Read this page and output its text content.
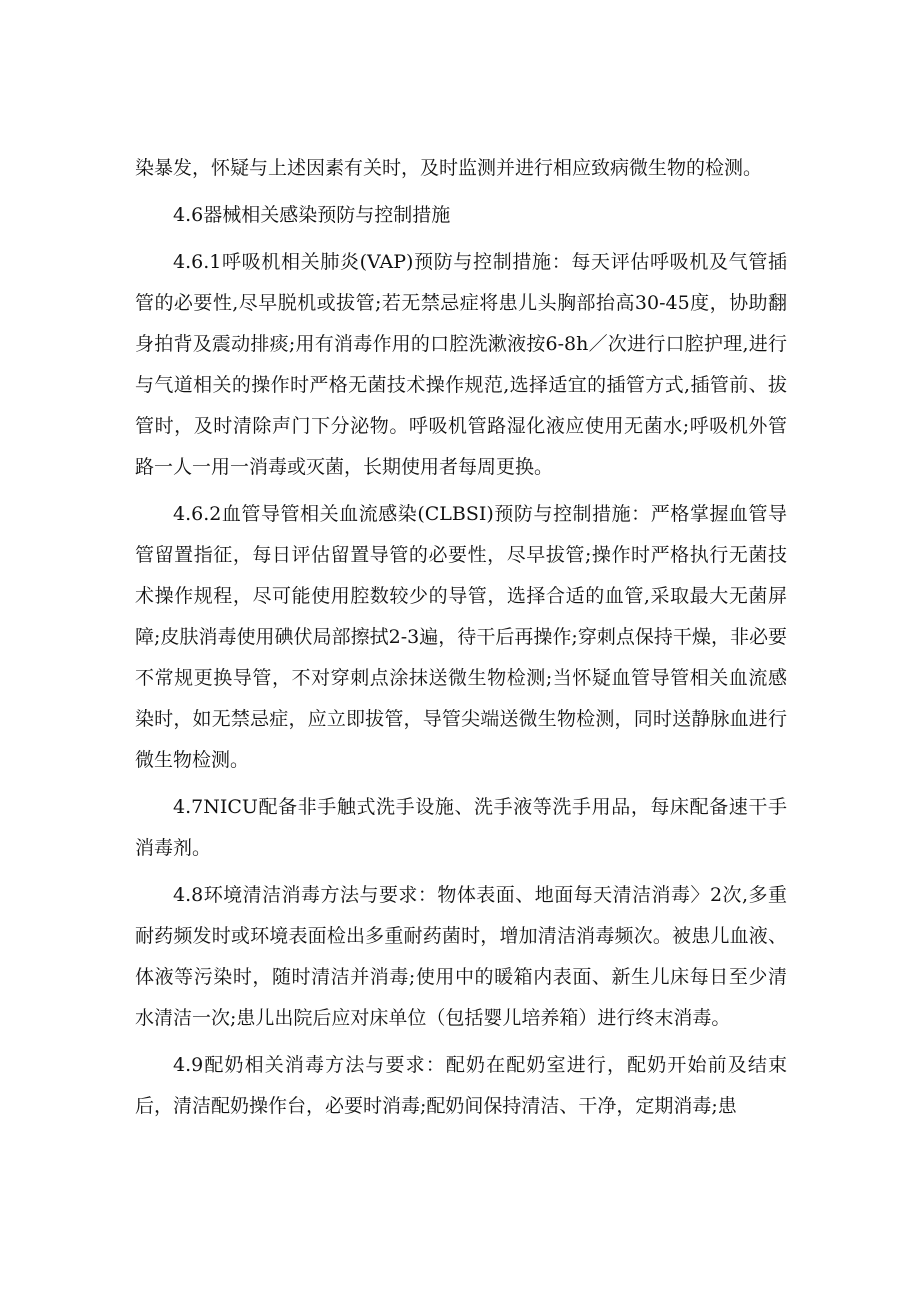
染暴发，怀疑与上述因素有关时，及时监测并进行相应致病微生物的检测。

4.6器械相关感染预防与控制措施

4.6.1呼吸机相关肺炎(VAP)预防与控制措施：每天评估呼吸机及气管插管的必要性,尽早脱机或拔管;若无禁忌症将患儿头胸部抬高30-45度，协助翻身拍背及震动排痰;用有消毒作用的口腔洗漱液按6-8h／次进行口腔护理,进行与气道相关的操作时严格无菌技术操作规范,选择适宜的插管方式,插管前、拔管时，及时清除声门下分泌物。呼吸机管路湿化液应使用无菌水;呼吸机外管路一人一用一消毒或灭菌，长期使用者每周更换。

4.6.2血管导管相关血流感染(CLBSI)预防与控制措施：严格掌握血管导管留置指征，每日评估留置导管的必要性，尽早拔管;操作时严格执行无菌技术操作规程，尽可能使用腔数较少的导管，选择合适的血管,采取最大无菌屏障;皮肤消毒使用碘伏局部擦拭2-3遍，待干后再操作;穿刺点保持干燥，非必要不常规更换导管，不对穿刺点涂抹送微生物检测;当怀疑血管导管相关血流感染时，如无禁忌症，应立即拔管，导管尖端送微生物检测，同时送静脉血进行微生物检测。

4.7NICU配备非手触式洗手设施、洗手液等洗手用品，每床配备速干手消毒剂。

4.8环境清洁消毒方法与要求：物体表面、地面每天清洁消毒〉2次,多重耐药频发时或环境表面检出多重耐药菌时，增加清洁消毒频次。被患儿血液、体液等污染时，随时清洁并消毒;使用中的暖箱内表面、新生儿床每日至少清水清洁一次;患儿出院后应对床单位（包括婴儿培养箱）进行终末消毒。

4.9配奶相关消毒方法与要求：配奶在配奶室进行，配奶开始前及结束后，清洁配奶操作台，必要时消毒;配奶间保持清洁、干净，定期消毒;患
